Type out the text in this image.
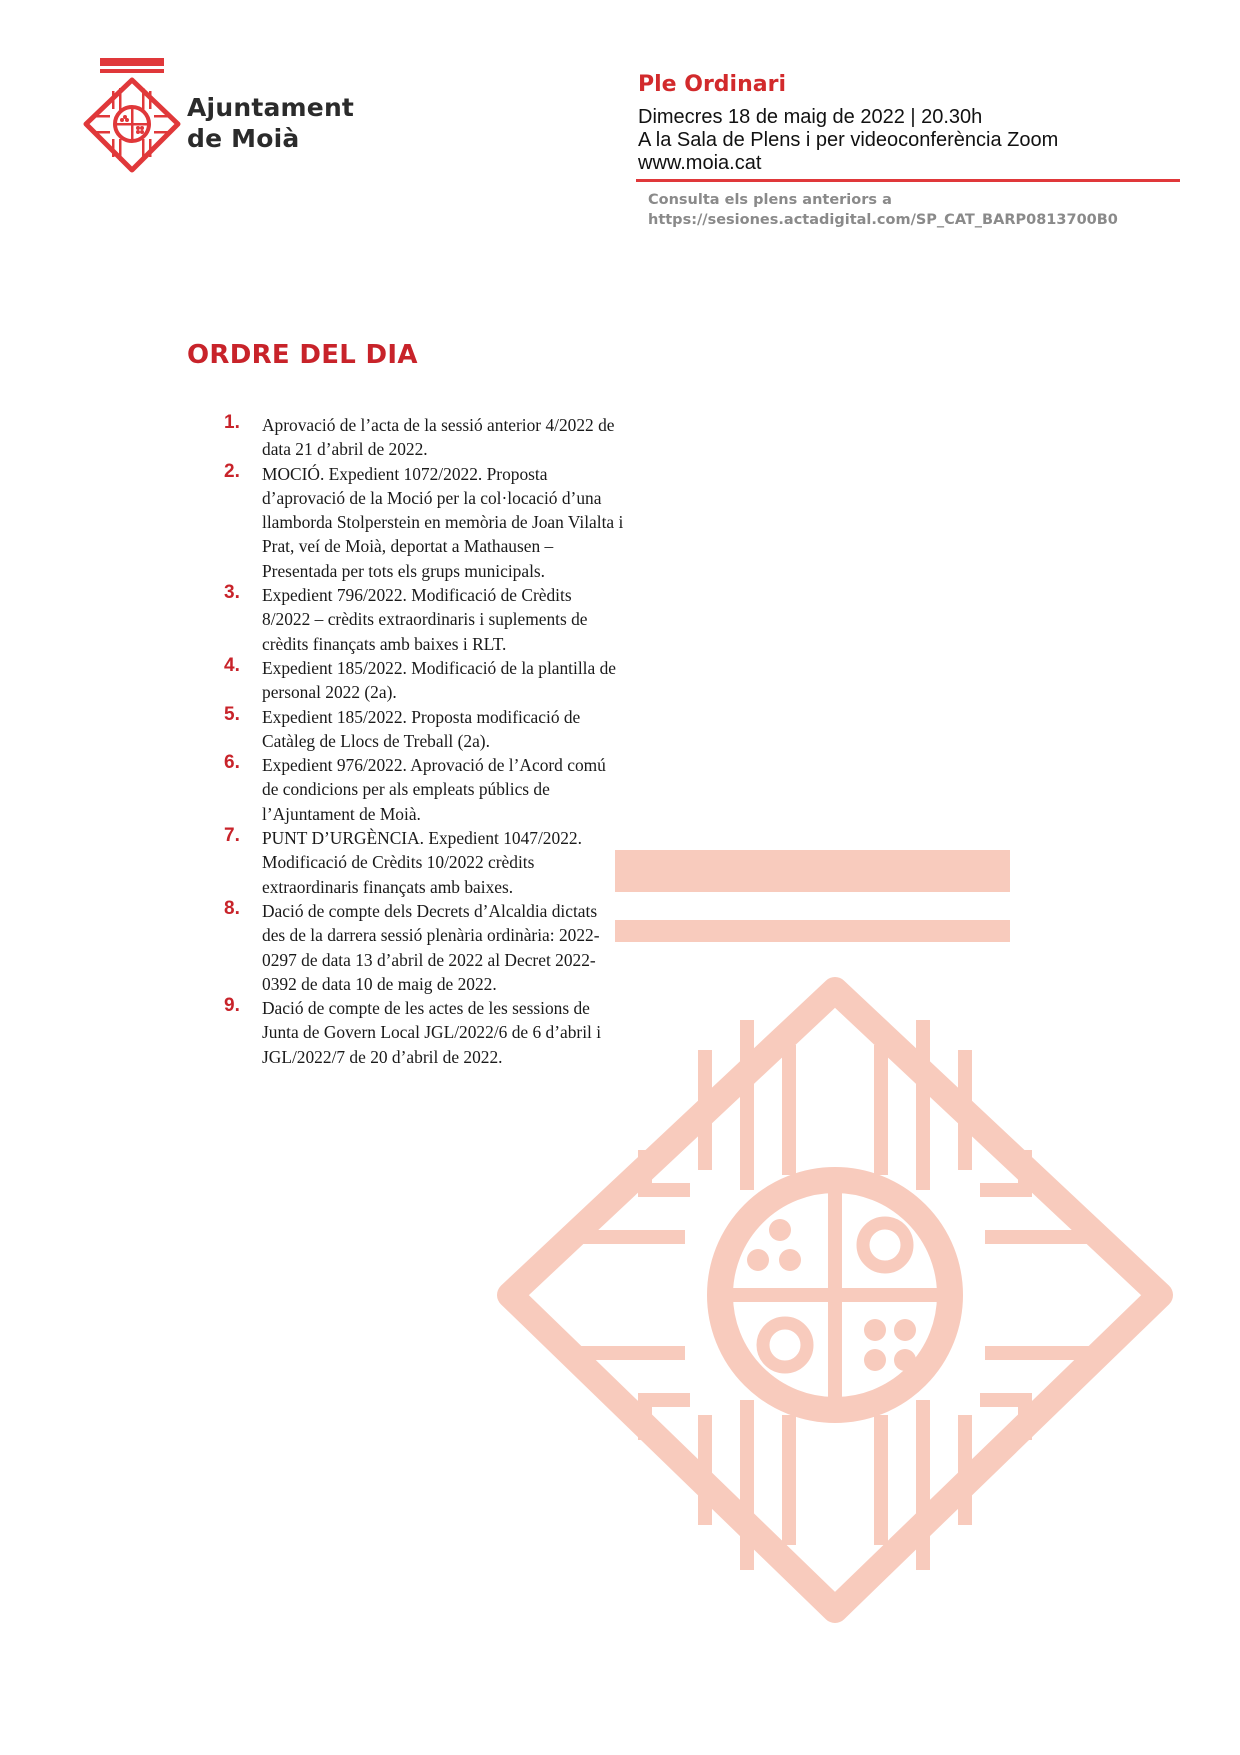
Ajuntament
de Moià
Ple Ordinari
Dimecres 18 de maig de 2022 | 20.30h
A la Sala de Plens i per videoconferència Zoom
www.moia.cat
Consulta els plens anteriors a
https://sesiones.actadigital.com/SP_CAT_BARP0813700B0
ORDRE DEL DIA
1. Aprovació de l’acta de la sessió anterior 4/2022 de data 21 d’abril de 2022.
2. MOCIÓ. Expedient 1072/2022. Proposta d’aprovació de la Moció per la col·locació d’una llamborda Stolperstein en memòria de Joan Vilalta i Prat, veí de Moià, deportat a Mathausen – Presentada per tots els grups municipals.
3. Expedient 796/2022. Modificació de Crèdits 8/2022 – crèdits extraordinaris i suplements de crèdits finançats amb baixes i RLT.
4. Expedient 185/2022. Modificació de la plantilla de personal 2022 (2a).
5. Expedient 185/2022. Proposta modificació de Catàleg de Llocs de Treball (2a).
6. Expedient 976/2022. Aprovació de l’Acord comú de condicions per als empleats públics de l’Ajuntament de Moià.
7. PUNT D’URGÈNCIA. Expedient 1047/2022. Modificació de Crèdits 10/2022 crèdits extraordinaris finançats amb baixes.
8. Dació de compte dels Decrets d’Alcaldia dictats des de la darrera sessió plenària ordinària: 2022-0297 de data 13 d’abril de 2022 al Decret 2022-0392 de data 10 de maig de 2022.
9. Dació de compte de les actes de les sessions de Junta de Govern Local JGL/2022/6 de 6 d’abril i JGL/2022/7 de 20 d’abril de 2022.
